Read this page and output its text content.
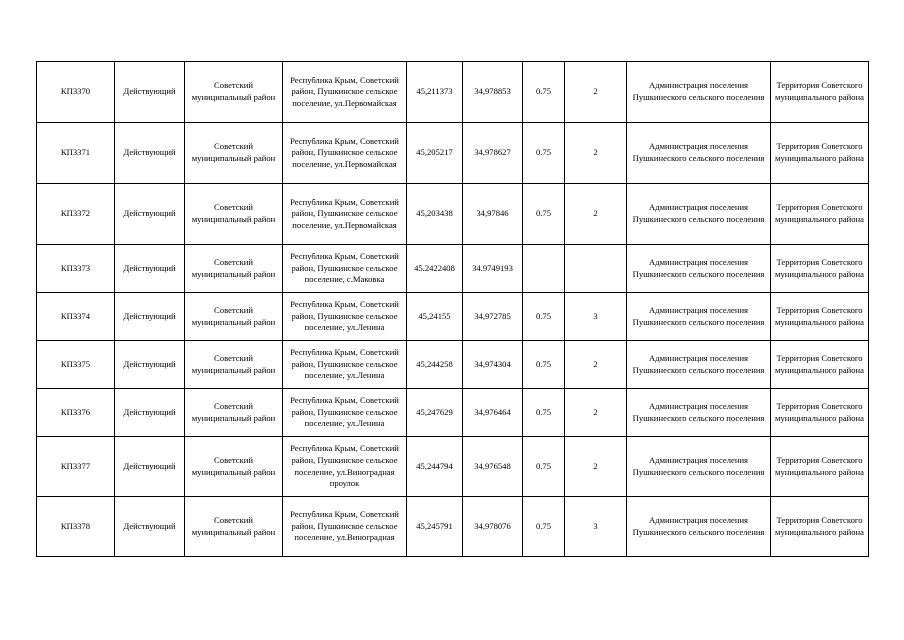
КП3370	Действующий	Советский муниципальный район	Республика Крым, Советский район, Пушкинское сельское поселение, ул.Первомайская	45,211373	34,978853	0.75	2	Администрация поселения Пушкинеского сельского поселения	Территория Советского муниципального района
КП3371	Действующий	Советский муниципальный район	Республика Крым, Советский район, Пушкинское сельское поселение, ул.Первомайская	45,205217	34,978627	0.75	2	Администрация поселения Пушкинеского сельского поселения	Территория Советского муниципального района
КП3372	Действующий	Советский муниципальный район	Республика Крым, Советский район, Пушкинское сельское поселение, ул.Первомайская	45,203438	34,97846	0.75	2	Администрация поселения Пушкинеского сельского поселения	Территория Советского муниципального района
КП3373	Действующий	Советский муниципальный район	Республика Крым, Советский район, Пушкинское сельское поселение, с.Маковка	45.2422408	34.9749193			Администрация поселения Пушкинеского сельского поселения	Территория Советского муниципального района
КП3374	Действующий	Советский муниципальный район	Республика Крым, Советский район, Пушкинское сельское поселение, ул.Ленина	45,24155	34,972785	0.75	3	Администрация поселения Пушкинеского сельского поселения	Территория Советского муниципального района
КП3375	Действующий	Советский муниципальный район	Республика Крым, Советский район, Пушкинское сельское поселение, ул.Ленина	45,244258	34,974304	0.75	2	Администрация поселения Пушкинеского сельского поселения	Территория Советского муниципального района
КП3376	Действующий	Советский муниципальный район	Республика Крым, Советский район, Пушкинское сельское поселение, ул.Ленина	45,247629	34,976464	0.75	2	Администрация поселения Пушкинеского сельского поселения	Территория Советского муниципального района
КП3377	Действующий	Советский муниципальный район	Республика Крым, Советский район, Пушкинское сельское поселение, ул.Виноградная проулок	45,244794	34,976548	0.75	2	Администрация поселения Пушкинеского сельского поселения	Территория Советского муниципального района
КП3378	Действующий	Советский муниципальный район	Республика Крым, Советский район, Пушкинское сельское поселение, ул.Виноградная	45,245791	34,978076	0.75	3	Администрация поселения Пушкинеского сельского поселения	Территория Советского муниципального района
